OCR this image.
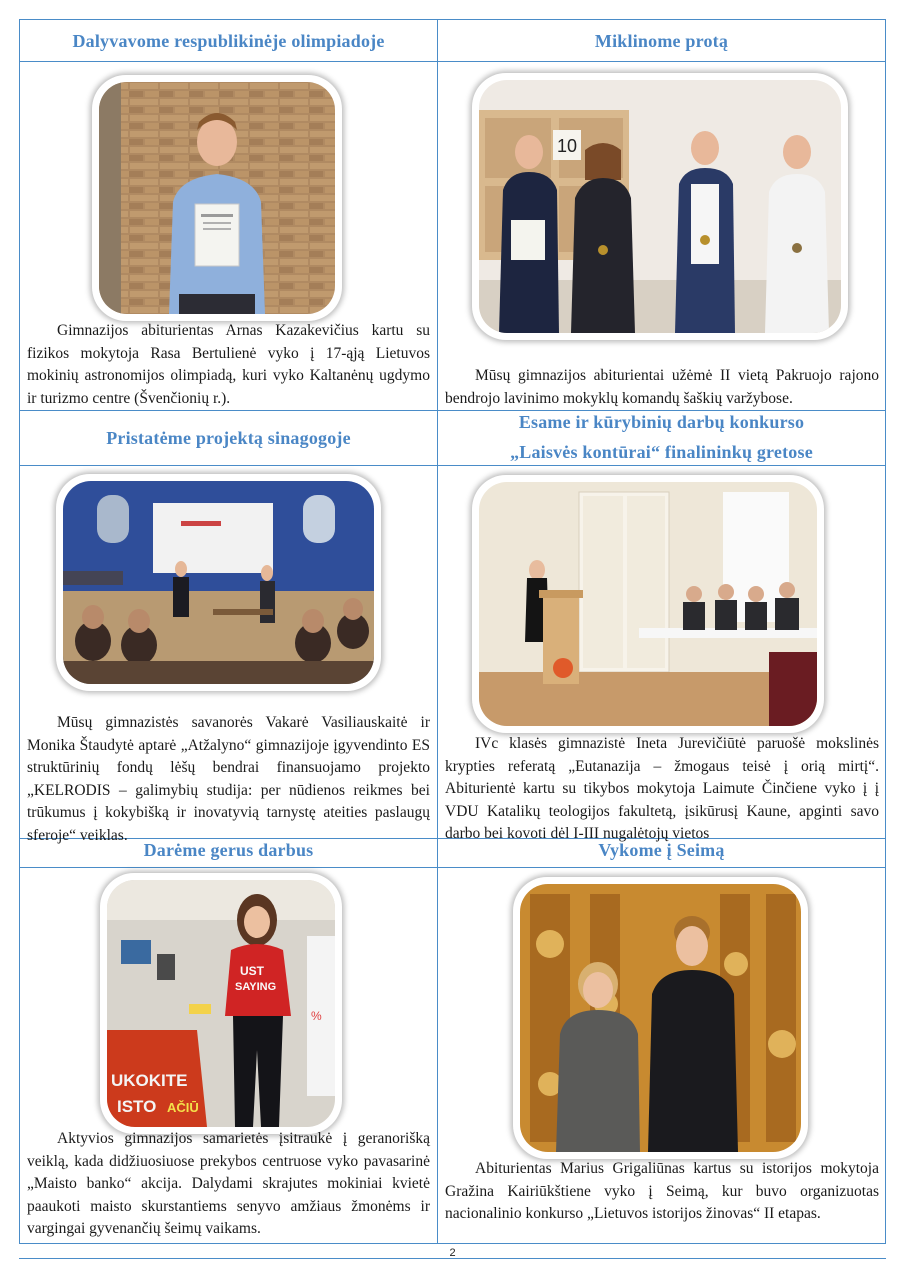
Dalyvavome respublikinėje olimpiadoje

Gimnazijos abiturientas Arnas Kazakevičius kartu su fizikos mokytoja Rasa Bertulienė vyko į 17-ąją Lietuvos mokinių astronomijos olimpiadą, kuri vyko Kaltanėnų ugdymo ir turizmo centre (Švenčionių r.).

Miklinome protą
10

Mūsų gimnazijos abiturientai užėmė II vietą Pakruojo rajono bendrojo lavinimo mokyklų komandų šaškių varžybose.

Pristatėme projektą sinagogoje

Mūsų gimnazistės savanorės Vakarė Vasiliauskaitė ir Monika Štaudytė aptarė „Atžalyno“ gimnazijoje įgyvendinto ES struktūrinių fondų lėšų bendrai finansuojamo projekto „KELRODIS – galimybių studija: per nūdienos reikmes bei trūkumus į kokybišką ir inovatyvią tarnystę ateities paslaugų sferoje“ veiklas.

Esame ir kūrybinių darbų konkurso
„Laisvės kontūrai“ finalininkų gretose

IVc klasės gimnazistė Ineta Jurevičiūtė paruošė mokslinės krypties referatą „Eutanazija – žmogaus teisė į orią mirtį“. Abiturientė kartu su tikybos mokytoja Laimute Činčiene vyko į į VDU Katalikų teologijos fakultetą, įsikūrusį Kaune, apginti savo darbo bei kovoti dėl I-III nugalėtojų vietos

Darėme gerus darbus
%
UKOKITE
ISTO AČIŪ
UST
SAYING

Aktyvios gimnazijos samarietės įsitraukė į geranorišką veiklą, kada didžiuosiuose prekybos centruose vyko pavasarinė „Maisto banko“ akcija. Dalydami skrajutes mokiniai kvietė paaukoti maisto skurstantiems senyvo amžiaus žmonėms ir vargingai gyvenančių šeimų vaikams.

Vykome į Seimą

Abiturientas Marius Grigaliūnas kartus su istorijos mokytoja Gražina Kairiūkštiene vyko į Seimą, kur buvo organizuotas nacionalinio konkurso „Lietuvos istorijos žinovas“ II etapas.

2
